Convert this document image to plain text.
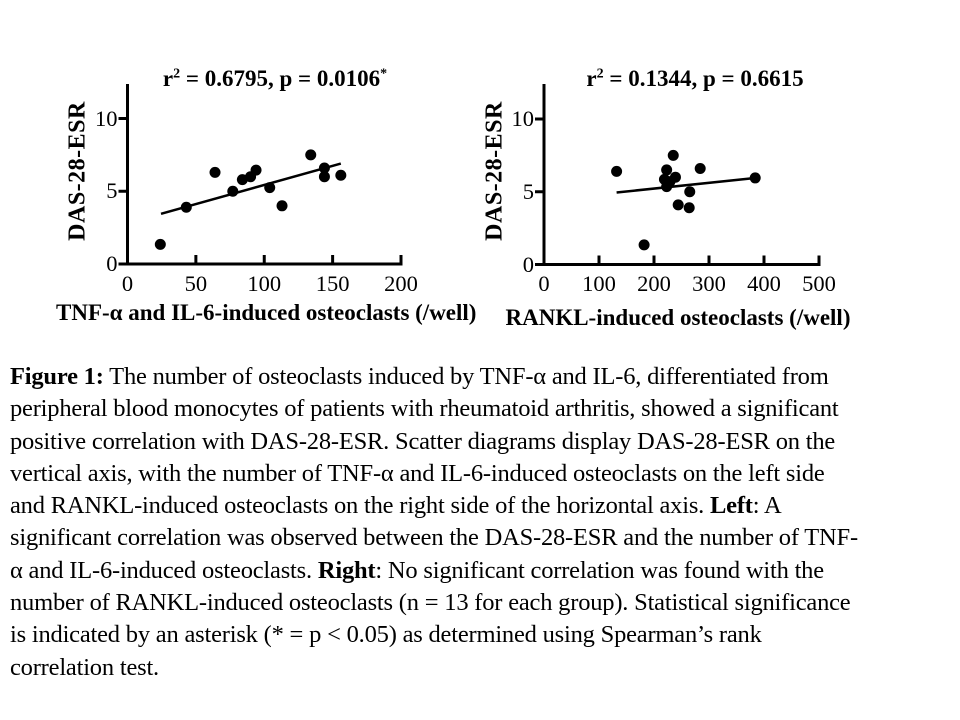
$r^2 = 0.6795$, p = 0.0106*	$r^2 = 0.1344$, p = 0.6615
DAS-28-ESR	DAS-28-ESR
TNF-α and IL-6-induced osteoclasts (/well)	RANKL-induced osteoclasts (/well)
0	50	100	150	200
0
5
10
0	100 200 300 400 500
0
5
10
Figure 1: The number of osteoclasts induced by TNF-α and IL-6, differentiated from
peripheral blood monocytes of patients with rheumatoid arthritis, showed a significant
positive correlation with DAS-28-ESR. Scatter diagrams display DAS-28-ESR on the
vertical axis, with the number of TNF-α and IL-6-induced osteoclasts on the left side
and RANKL-induced osteoclasts on the right side of the horizontal axis. Left: A
significant correlation was observed between the DAS-28-ESR and the number of TNF-
α and IL-6-induced osteoclasts. Right: No significant correlation was found with the
number of RANKL-induced osteoclasts (n = 13 for each group). Statistical significance
is indicated by an asterisk (* = p < 0.05) as determined using Spearman’s rank
correlation test.
